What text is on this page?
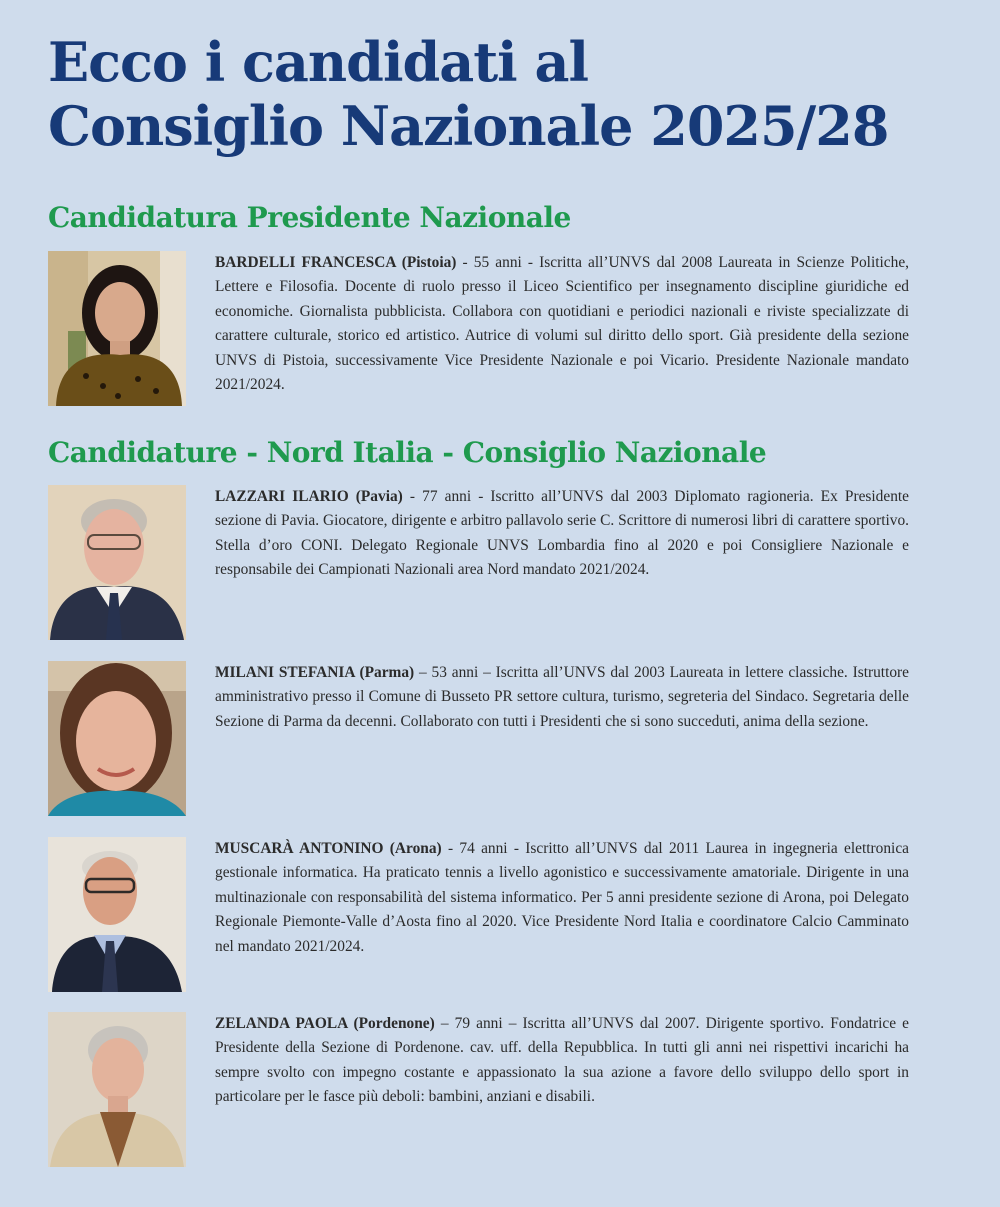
Ecco i candidati al
Consiglio Nazionale 2025/28
Candidatura Presidente Nazionale

BARDELLI FRANCESCA (Pistoia) - 55 anni - Iscritta all’UNVS dal 2008 Laureata in Scienze Politiche, Lettere e Filosofia. Docente di ruolo presso il Liceo Scientifico per insegnamento discipline giuridiche ed economiche. Giornalista pubblicista. Collabora con quotidiani e periodici nazionali e riviste specializzate di carattere culturale, storico ed artistico. Autrice di volumi sul diritto dello sport. Già presidente della sezione UNVS di Pistoia, successivamente Vice Presidente Nazionale e poi Vicario. Presidente Nazionale mandato 2021/2024.

Candidature - Nord Italia - Consiglio Nazionale

LAZZARI ILARIO (Pavia) - 77 anni - Iscritto all’UNVS dal 2003 Diplomato ragioneria. Ex Presidente sezione di Pavia. Giocatore, dirigente e arbitro pallavolo serie C. Scrittore di numerosi libri di carattere sportivo. Stella d’oro CONI. Delegato Regionale UNVS Lombardia fino al 2020 e poi Consigliere Nazionale e responsabile dei Campionati Nazionali area Nord mandato 2021/2024.

MILANI STEFANIA (Parma) – 53 anni – Iscritta all’UNVS dal 2003 Laureata in lettere classiche. Istruttore amministrativo presso il Comune di Busseto PR settore cultura, turismo, segreteria del Sindaco. Segretaria delle Sezione di Parma da decenni. Collaborato con tutti i Presidenti che si sono succeduti, anima della sezione.

MUSCARÀ ANTONINO (Arona) - 74 anni - Iscritto all’UNVS dal 2011 Laurea in ingegneria elettronica gestionale informatica. Ha praticato tennis a livello agonistico e successivamente amatoriale. Dirigente in una multinazionale con responsabilità del sistema informatico. Per 5 anni presidente sezione di Arona, poi Delegato Regionale Piemonte-Valle d’Aosta fino al 2020. Vice Presidente Nord Italia e coordinatore Calcio Camminato nel mandato 2021/2024.

ZELANDA PAOLA (Pordenone) – 79 anni – Iscritta all’UNVS dal 2007. Dirigente sportivo. Fondatrice e Presidente della Sezione di Pordenone. cav. uff. della Repubblica. In tutti gli anni nei rispettivi incarichi ha sempre svolto con impegno costante e appassionato la sua azione a favore dello sviluppo dello sport in particolare per le fasce più deboli: bambini, anziani e disabili.
